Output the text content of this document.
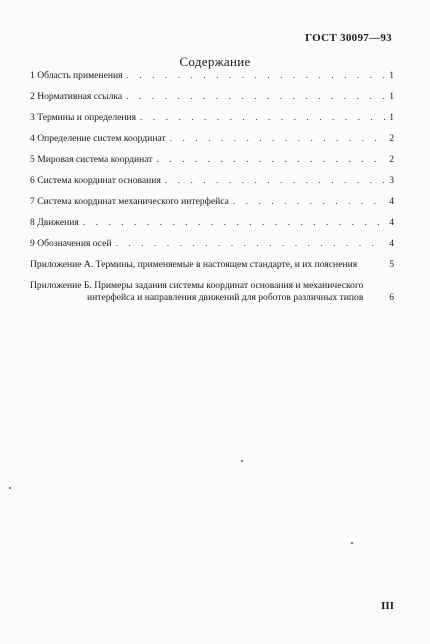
ГОСТ 30097—93
Содержание
1 Область применения . . .	1
2 Нормативная ссылка . . .	1
3 Термины и определения . . .	1
4 Определение систем координат . . .	2
5 Мировая система координат . . .	2
6 Система координат основания . . .	3
7 Система координат механического интерфейса . . .	4
8 Движения . . .	4
9 Обозначения осей . . .	4
Приложение А. Термины, применяемые в настоящем стандарте, и их пояснения	5
Приложение Б. Примеры задания системы координат основания и механического интерфейса и направления движений для роботов различных типов	6
III
